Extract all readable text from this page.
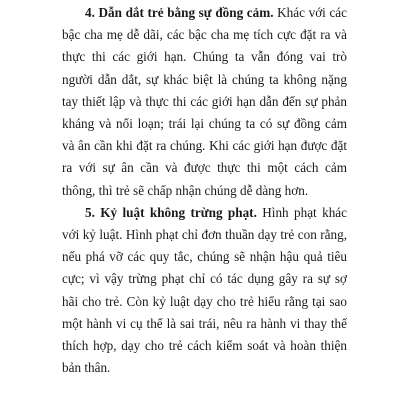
4. Dẫn dắt trẻ bằng sự đồng cảm. Khác với các bậc cha mẹ dễ dãi, các bậc cha mẹ tích cực đặt ra và thực thi các giới hạn. Chúng ta vẫn đóng vai trò người dẫn dắt, sự khác biệt là chúng ta không nặng tay thiết lập và thực thi các giới hạn dẫn đến sự phản kháng và nổi loạn; trái lại chúng ta có sự đồng cảm và ân cần khi đặt ra chúng. Khi các giới hạn được đặt ra với sự ân cần và được thực thi một cách cảm thông, thì trẻ sẽ chấp nhận chúng dễ dàng hơn.

5. Kỷ luật không trừng phạt. Hình phạt khác với kỷ luật. Hình phạt chỉ đơn thuần dạy trẻ con rằng, nếu phá vỡ các quy tắc, chúng sẽ nhận hậu quả tiêu cực; vì vậy trừng phạt chỉ có tác dụng gây ra sự sợ hãi cho trẻ. Còn kỷ luật dạy cho trẻ hiểu rằng tại sao một hành vi cụ thể là sai trái, nêu ra hành vi thay thế thích hợp, dạy cho trẻ cách kiểm soát và hoàn thiện bản thân.
